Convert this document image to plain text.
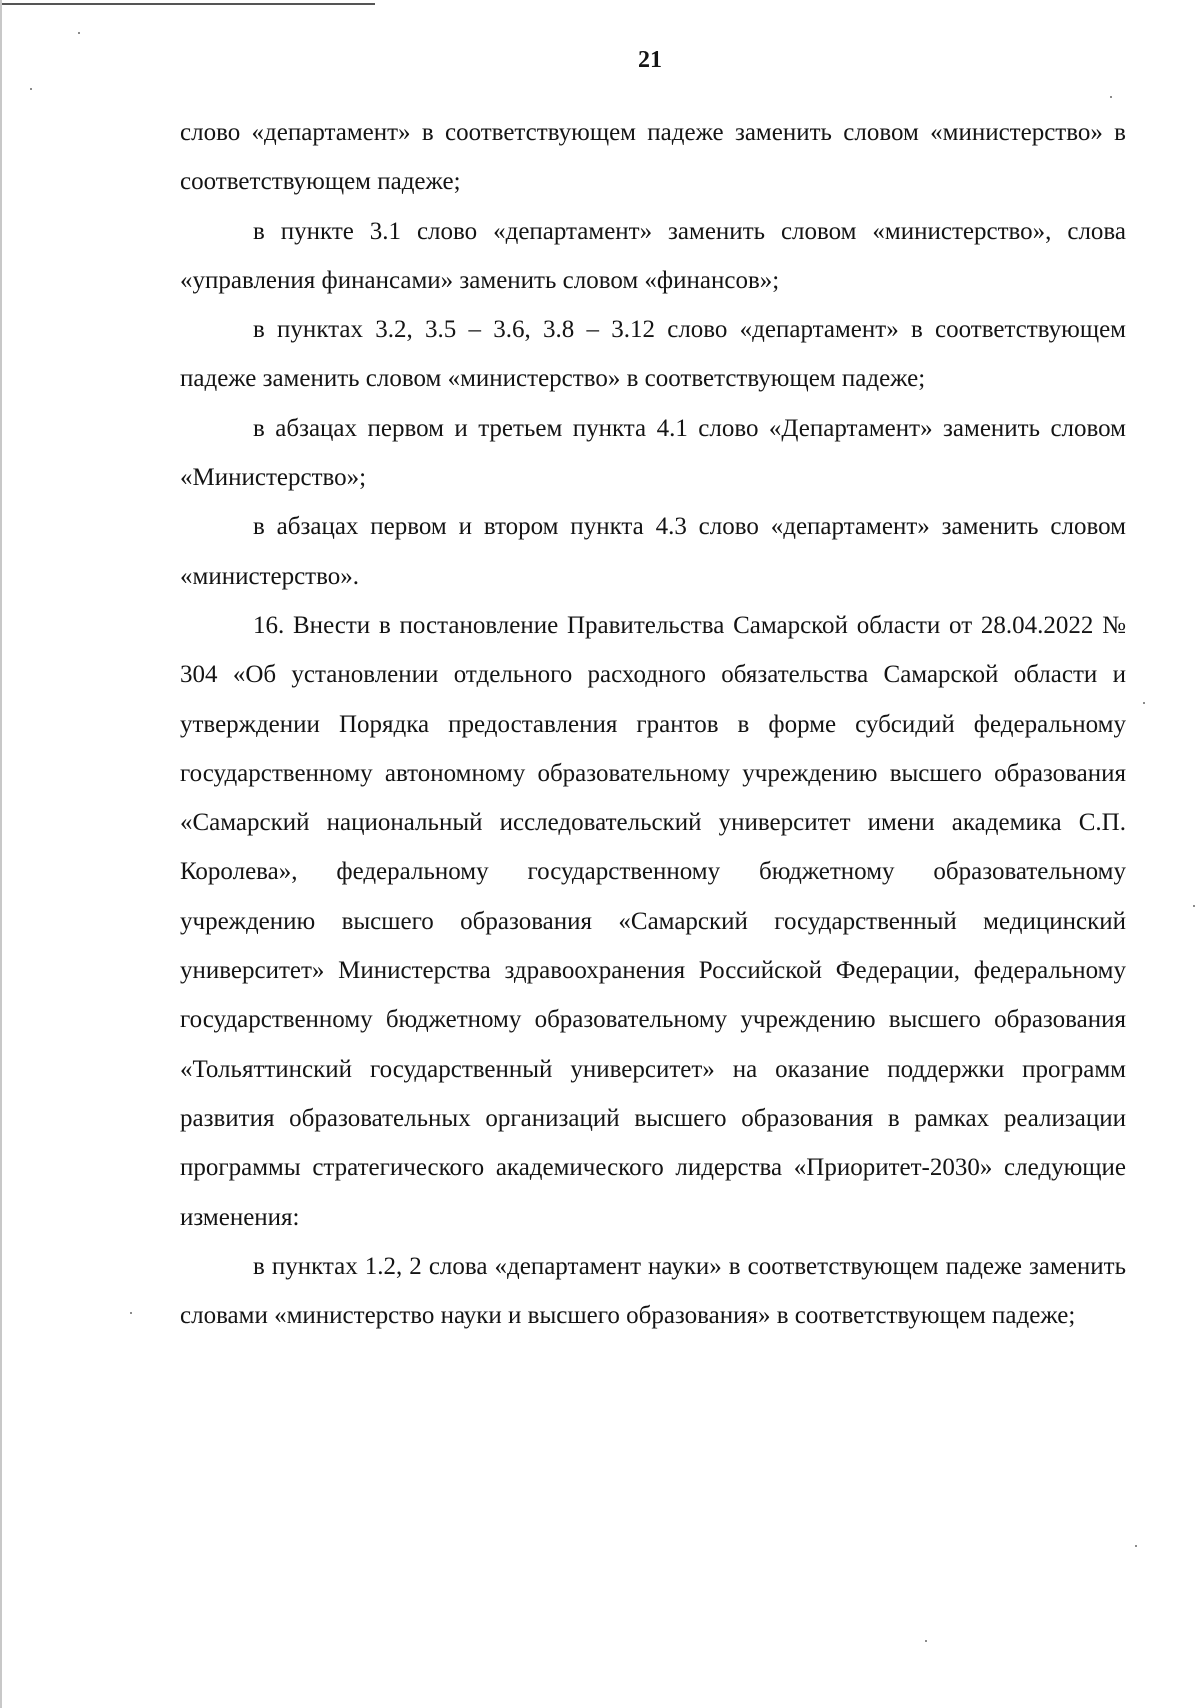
21

слово «департамент» в соответствующем падеже заменить словом «министерство» в соответствующем падеже;

в пункте 3.1 слово «департамент» заменить словом «министерство», слова «управления финансами» заменить словом «финансов»;

в пунктах 3.2, 3.5 – 3.6, 3.8 – 3.12 слово «департамент» в соответствующем падеже заменить словом «министерство» в соответствующем падеже;

в абзацах первом и третьем пункта 4.1 слово «Департамент» заменить словом «Министерство»;

в абзацах первом и втором пункта 4.3 слово «департамент» заменить словом «министерство».

16. Внести в постановление Правительства Самарской области от 28.04.2022 № 304 «Об установлении отдельного расходного обязательства Самарской области и утверждении Порядка предоставления грантов в форме субсидий федеральному государственному автономному образовательному учреждению высшего образования «Самарский национальный исследовательский университет имени академика С.П. Королева», федеральному государственному бюджетному образовательному учреждению высшего образования «Самарский государственный медицинский университет» Министерства здравоохранения Российской Федерации, федеральному государственному бюджетному образовательному учреждению высшего образования «Тольяттинский государственный университет» на оказание поддержки программ развития образовательных организаций высшего образования в рамках реализации программы стратегического академического лидерства «Приоритет-2030» следующие изменения:

в пунктах 1.2, 2 слова «департамент науки» в соответствующем падеже заменить словами «министерство науки и высшего образования» в соответствующем падеже;
